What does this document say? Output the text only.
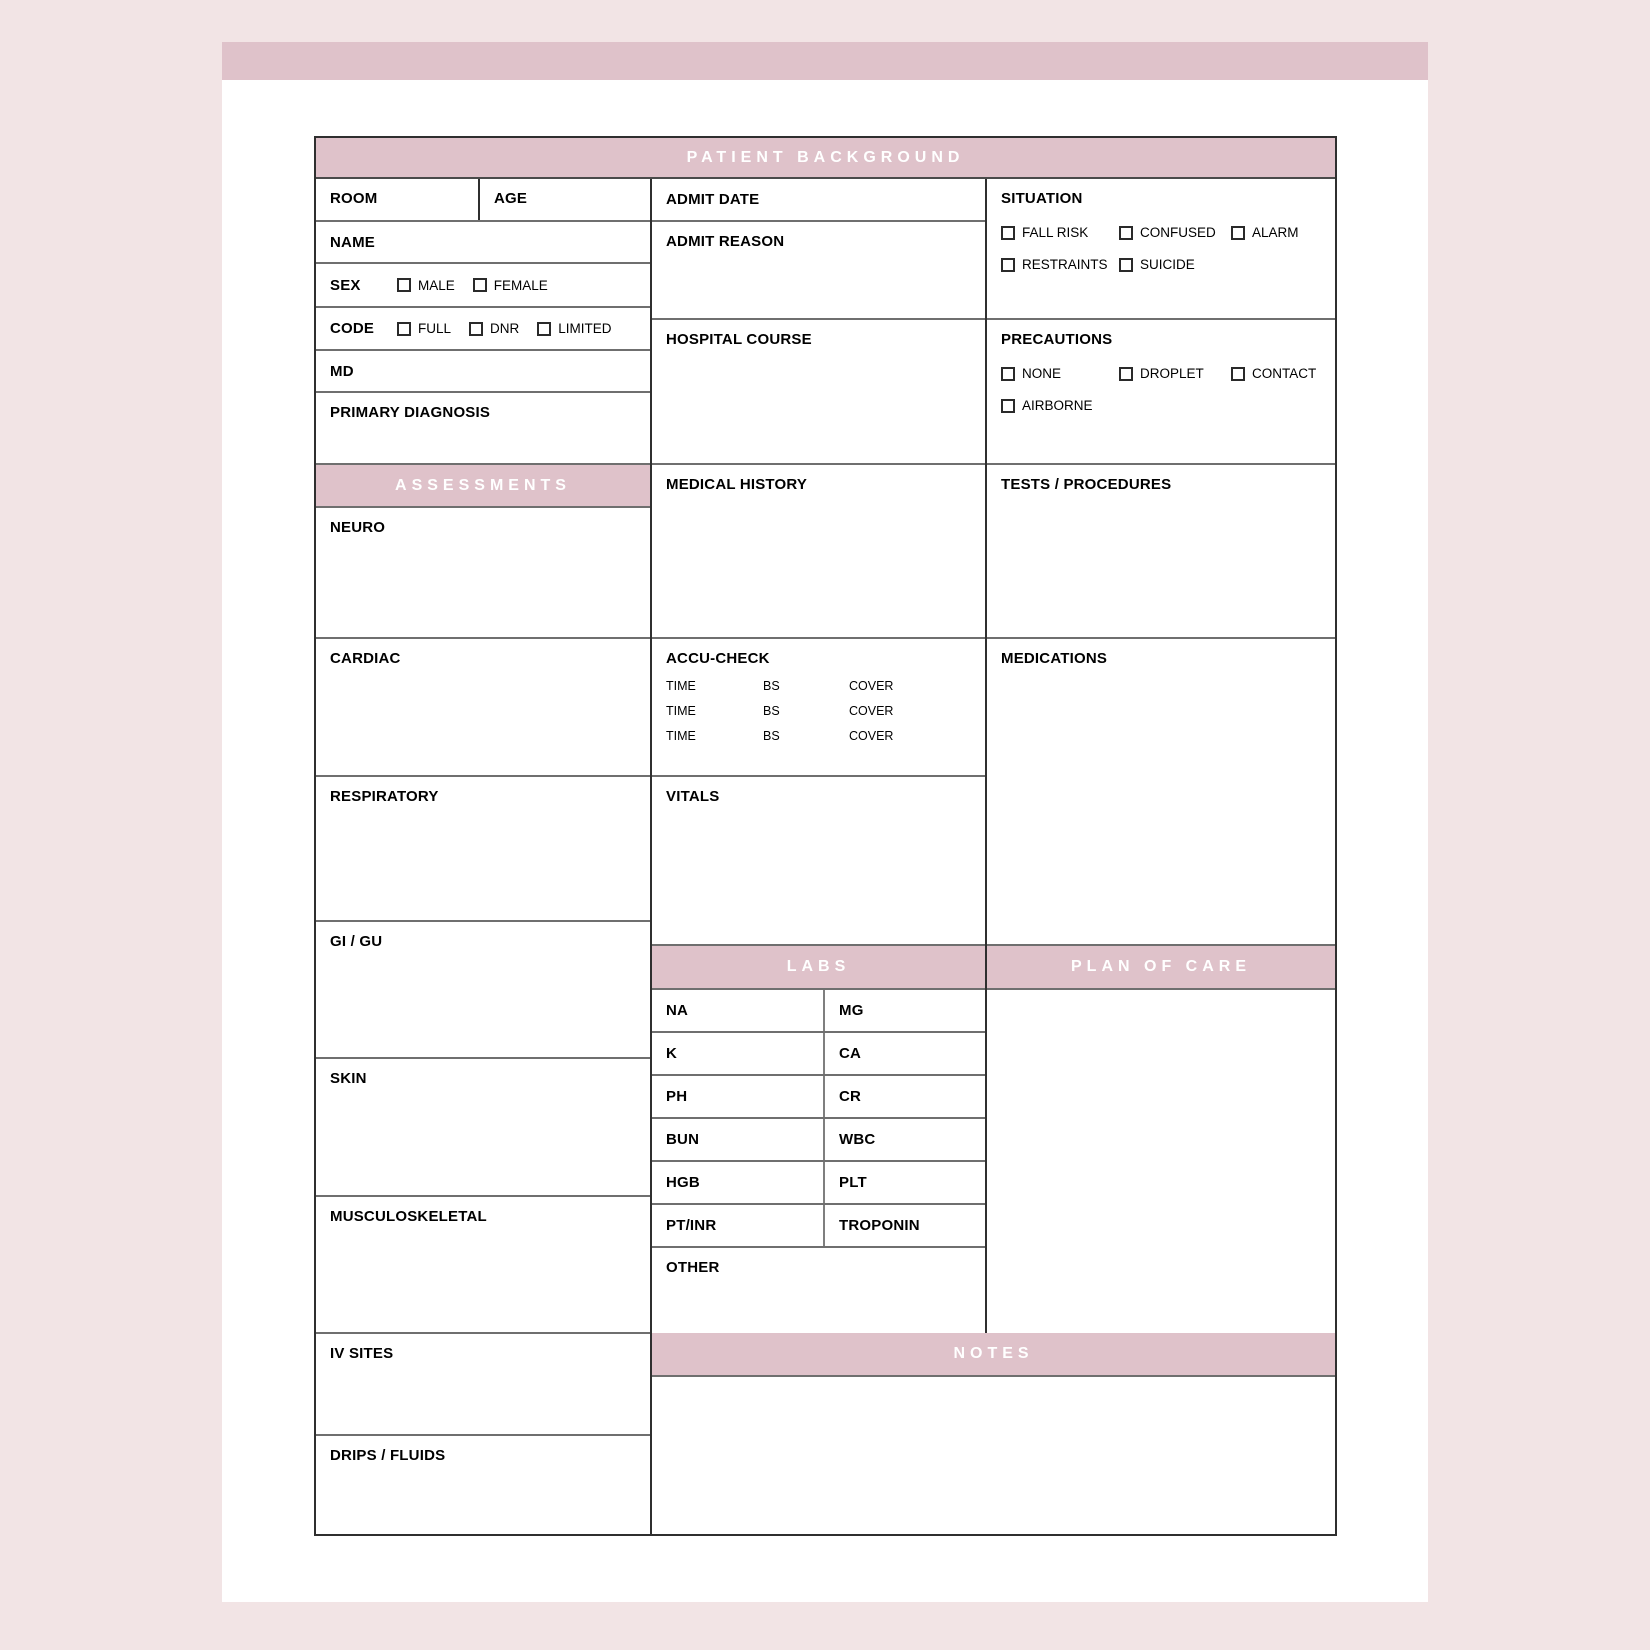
PATIENT BACKGROUND
ROOM	AGE
NAME
SEX	MALE	FEMALE
CODE	FULL	DNR	LIMITED
MD
PRIMARY DIAGNOSIS
ASSESSMENTS
NEURO
CARDIAC
RESPIRATORY
GI / GU
SKIN
MUSCULOSKELETAL
IV SITES
DRIPS / FLUIDS
ADMIT DATE
ADMIT REASON
HOSPITAL COURSE
MEDICAL HISTORY
ACCU-CHECK
TIME	BS	COVER
TIME	BS	COVER
TIME	BS	COVER
VITALS
LABS
NA	MG
K	CA
PH	CR
BUN	WBC
HGB	PLT
PT/INR	TROPONIN
OTHER
SITUATION
FALL RISK	CONFUSED	ALARM
RESTRAINTS SUICIDE
PRECAUTIONS
NONE	DROPLET	CONTACT
AIRBORNE
TESTS / PROCEDURES
MEDICATIONS
PLAN OF CARE
NOTES
